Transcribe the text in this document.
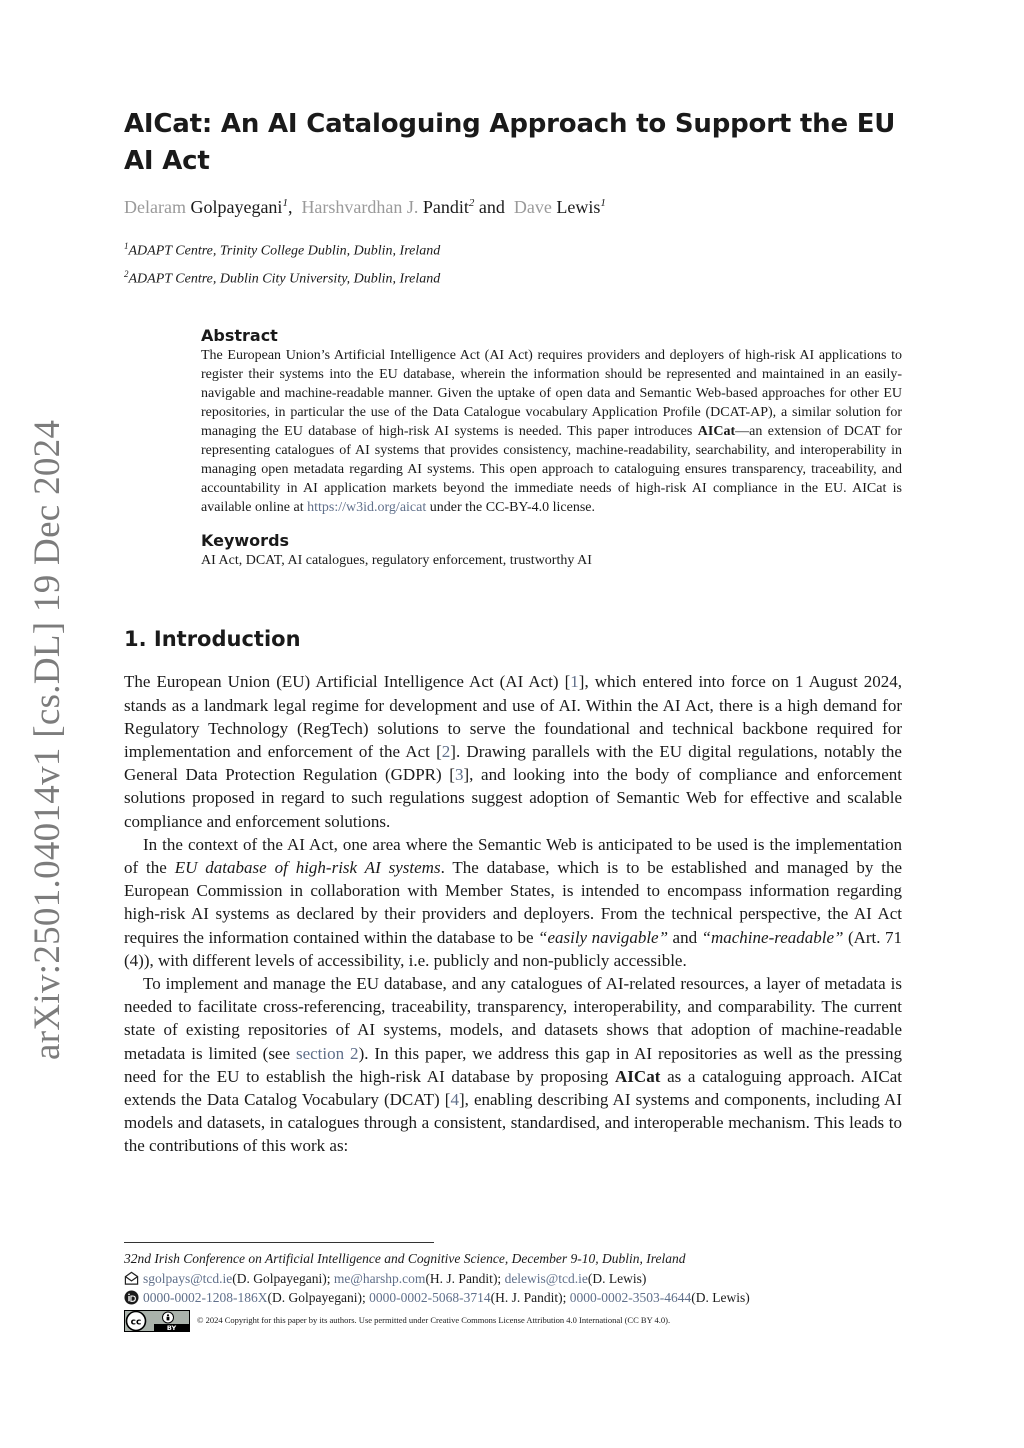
arXiv:2501.04014v1 [cs.DL] 19 Dec 2024
AICat: An AI Cataloguing Approach to Support the EU AI Act
Delaram Golpayegani$^1$,  Harshvardhan J. Pandit$^2$ and Dave Lewis$^1$
$^1$ADAPT Centre, Trinity College Dublin, Dublin, Ireland
$^2$ADAPT Centre, Dublin City University, Dublin, Ireland
Abstract
The European Union’s Artificial Intelligence Act (AI Act) requires providers and deployers of high-risk AI applications to register their systems into the EU database, wherein the information should be represented and maintained in an easily-navigable and machine-readable manner. Given the uptake of open data and Semantic Web-based approaches for other EU repositories, in particular the use of the Data Catalogue vocabulary Application Profile (DCAT-AP), a similar solution for managing the EU database of high-risk AI systems is needed. This paper introduces AICat—an extension of DCAT for representing catalogues of AI systems that provides consistency, machine-readability, searchability, and interoperability in managing open metadata regarding AI systems. This open approach to cataloguing ensures transparency, traceability, and accountability in AI application markets beyond the immediate needs of high-risk AI compliance in the EU. AICat is available online at https://w3id.org/aicat under the CC-BY-4.0 license.
Keywords
AI Act, DCAT, AI catalogues, regulatory enforcement, trustworthy AI
1. Introduction

The European Union (EU) Artificial Intelligence Act (AI Act) [1], which entered into force on 1 August 2024, stands as a landmark legal regime for development and use of AI. Within the AI Act, there is a high demand for Regulatory Technology (RegTech) solutions to serve the foundational and technical backbone required for implementation and enforcement of the Act [2]. Drawing parallels with the EU digital regulations, notably the General Data Protection Regulation (GDPR) [3], and looking into the body of compliance and enforcement solutions proposed in regard to such regulations suggest adoption of Semantic Web for effective and scalable compliance and enforcement solutions.

In the context of the AI Act, one area where the Semantic Web is anticipated to be used is the implementation of the EU database of high-risk AI systems. The database, which is to be established and managed by the European Commission in collaboration with Member States, is intended to encompass information regarding high-risk AI systems as declared by their providers and deployers. From the technical perspective, the AI Act requires the information contained within the database to be “easily navigable” and “machine-readable” (Art. 71 (4)), with different levels of accessibility, i.e. publicly and non-publicly accessible.

To implement and manage the EU database, and any catalogues of AI-related resources, a layer of metadata is needed to facilitate cross-referencing, traceability, transparency, interoperability, and comparability. The current state of existing repositories of AI systems, models, and datasets shows that adoption of machine-readable metadata is limited (see section 2). In this paper, we address this gap in AI repositories as well as the pressing need for the EU to establish the high-risk AI database by proposing AICat as a cataloguing approach. AICat extends the Data Catalog Vocabulary (DCAT) [4], enabling describing AI systems and components, including AI models and datasets, in catalogues through a consistent, standardised, and interoperable mechanism. This leads to the contributions of this work as:

32nd Irish Conference on Artificial Intelligence and Cognitive Science, December 9-10, Dublin, Ireland
sgolpays@tcd.ie (D. Golpayegani);
me@harshp.com (H. J. Pandit);
delewis@tcd.ie (D. Lewis)
0000-0002-1208-186X (D. Golpayegani);
0000-0002-5068-3714 (H. J. Pandit);
0000-0002-3503-4644 (D. Lewis)
cc
BY
© 2024 Copyright for this paper by its authors. Use permitted under Creative Commons License Attribution 4.0 International (CC BY 4.0).
